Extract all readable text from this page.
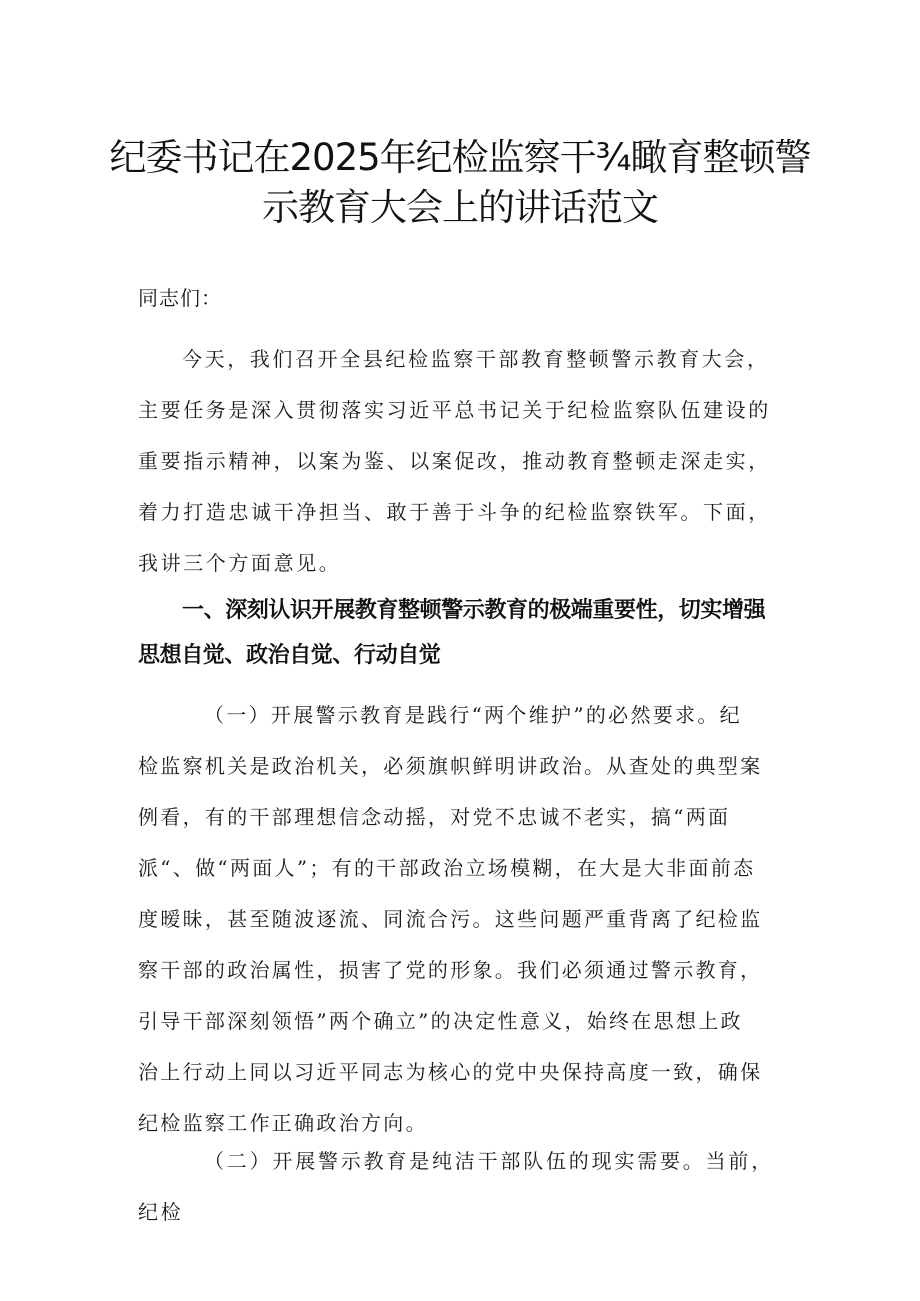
纪委书记在2025年纪检监察干¾瞰育整顿警
示教育大会上的讲话范文

同志们：

今天，我们召开全县纪检监察干部教育整顿警示教育大会，主要任务是深入贯彻落实习近平总书记关于纪检监察队伍建设的重要指示精神，以案为鉴、以案促改，推动教育整顿走深走实，着力打造忠诚干净担当、敢于善于斗争的纪检监察铁军。下面，我讲三个方面意见。

一、深刻认识开展教育整顿警示教育的极端重要性，切实增强思想自觉、政治自觉、行动自觉

（一）开展警示教育是践行“两个维护”的必然要求。纪检监察机关是政治机关，必须旗帜鲜明讲政治。从查处的典型案例看，有的干部理想信念动摇，对党不忠诚不老实，搞“两面派“、做“两面人”；有的干部政治立场模糊，在大是大非面前态度暧昧，甚至随波逐流、同流合污。这些问题严重背离了纪检监察干部的政治属性，损害了党的形象。我们必须通过警示教育，引导干部深刻领悟”两个确立”的决定性意义，始终在思想上政治上行动上同以习近平同志为核心的党中央保持高度一致，确保纪检监察工作正确政治方向。

（二）开展警示教育是纯洁干部队伍的现实需要。当前，纪检
